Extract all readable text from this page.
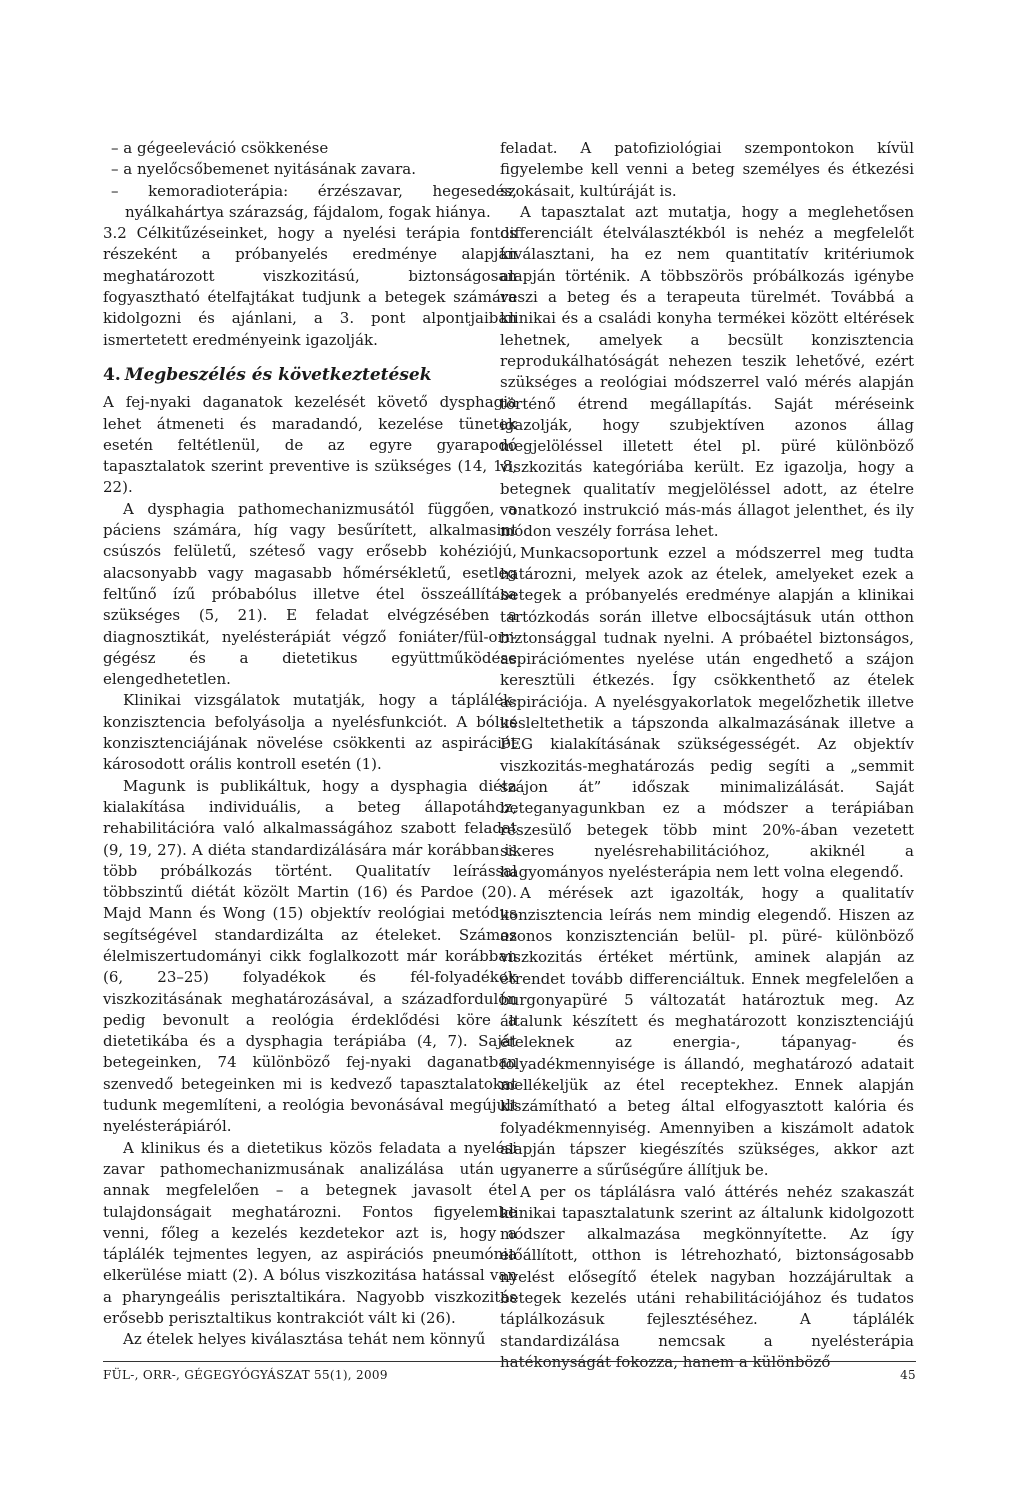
– a gégeeleváció csökkenése
– a nyelőcsőbemenet nyitásának zavara.
– kemoradioterápia: érzészavar, hegesedés, nyálkahártya szárazság, fájdalom, fogak hiánya.

3.2 Célkitűzéseinket, hogy a nyelési terápia fontos részeként a próbanyelés eredménye alapján meghatározott viszkozitású, biztonságosan fogyasztható ételfajtákat tudjunk a betegek számára kidolgozni és ajánlani, a 3. pont alpontjaiban ismertetett eredményeink igazolják.

4. Megbeszélés és következtetések

A fej-nyaki daganatok kezelését követő dysphagia lehet átmeneti és maradandó, kezelése tünetek esetén feltétlenül, de az egyre gyarapodó tapasztalatok szerint preventive is szükséges (14, 18, 22).

A dysphagia pathomechanizmusától függően, a páciens számára, híg vagy besűrített, alkalmasint csúszós felületű, széteső vagy erősebb kohéziójú, alacsonyabb vagy magasabb hőmérsékletű, esetleg feltűnő ízű próbabólus illetve étel összeállítása szükséges (5, 21). E feladat elvégzésében a diagnosztikát, nyelésterápiát végző foniáter/fül-orr-gégész és a dietetikus együttműködése elengedhetetlen.

Klinikai vizsgálatok mutatják, hogy a táplálék- konzisztencia befolyásolja a nyelésfunkciót. A bólus konzisztenciájának növelése csökkenti az aspirációt károsodott orális kontroll esetén (1).

Magunk is publikáltuk, hogy a dysphagia diéta kialakítása individuális, a beteg állapotához, rehabilitációra való alkalmasságához szabott feladat (9, 19, 27). A diéta standardizálására már korábban is több próbálkozás történt. Qualitatív leírással többszintű diétát közölt Martin (16) és Pardoe (20). Majd Mann és Wong (15) objektív reológiai metódus segítségével standardizálta az ételeket. Számos élelmiszertudományi cikk foglalkozott már korábban (6, 23–25) folyadékok és fél-folyadékok viszkozitásának meghatározásával, a századfordulón pedig bevonult a reológia érdeklődési köre a dietetikába és a dysphagia terápiába (4, 7). Saját betegeinken, 74 különböző fej-nyaki daganatban szenvedő betegeinken mi is kedvező tapasztalatokat tudunk megemlíteni, a reológia bevonásával megújult nyelésterápiáról.

A klinikus és a dietetikus közös feladata a nyelési zavar pathomechanizmusának analizálása után – annak megfelelően – a betegnek javasolt étel tulajdonságait meghatározni. Fontos figyelembe venni, főleg a kezelés kezdetekor azt is, hogy a táplálék tejmentes legyen, az aspirációs pneumónia elkerülése miatt (2). A bólus viszkozitása hatással van a pharyngeális perisztaltikára. Nagyobb viszkozitás erősebb perisztaltikus kontrakciót vált ki (26).

Az ételek helyes kiválasztása tehát nem könnyű

feladat. A patofiziológiai szempontokon kívül figyelembe kell venni a beteg személyes és étkezési szokásait, kultúráját is.

A tapasztalat azt mutatja, hogy a meglehetősen differenciált ételválasztékból is nehéz a megfelelőt kiválasztani, ha ez nem quantitatív kritériumok alapján történik. A többszörös próbálkozás igénybe veszi a beteg és a terapeuta türelmét. Továbbá a klinikai és a családi konyha termékei között eltérések lehetnek, amelyek a becsült konzisztencia reprodukálhatóságát nehezen teszik lehetővé, ezért szükséges a reológiai módszerrel való mérés alapján történő étrend megállapítás. Saját méréseink igazolják, hogy szubjektíven azonos állag megjelöléssel illetett étel pl. püré különböző viszkozitás kategóriába került. Ez igazolja, hogy a betegnek qualitatív megjelöléssel adott, az ételre vonatkozó instrukció más-más állagot jelenthet, és ily módon veszély forrása lehet.

Munkacsoportunk ezzel a módszerrel meg tudta határozni, melyek azok az ételek, amelyeket ezek a betegek a próbanyelés eredménye alapján a klinikai tartózkodás során illetve elbocsájtásuk után otthon biztonsággal tudnak nyelni. A próbaétel biztonságos, aspirációmentes nyelése után engedhető a szájon keresztüli étkezés. Így csökkenthető az ételek aspirációja. A nyelésgyakorlatok megelőzhetik illetve késleltethetik a tápszonda alkalmazásának illetve a PEG kialakításának szükségességét. Az objektív viszkozitás-meghatározás pedig segíti a „semmit szájon át” időszak minimalizálását. Saját beteganyagunkban ez a módszer a terápiában részesülő betegek több mint 20%-ában vezetett sikeres nyelésrehabilitációhoz, akiknél a hagyományos nyelésterápia nem lett volna elegendő.

A mérések azt igazolták, hogy a qualitatív konzisztencia leírás nem mindig elegendő. Hiszen az azonos konzisztencián belül- pl. püré- különböző viszkozitás értéket mértünk, aminek alapján az étrendet tovább differenciáltuk. Ennek megfelelően a burgonyapüré 5 változatát határoztuk meg. Az általunk készített és meghatározott konzisztenciájú ételeknek az energia-, tápanyag- és folyadékmennyisége is állandó, meghatározó adatait mellékeljük az étel receptekhez. Ennek alapján kiszámítható a beteg által elfogyasztott kalória és folyadékmennyiség. Amennyiben a kiszámolt adatok alapján tápszer kiegészítés szükséges, akkor azt ugyanerre a sűrűségűre állítjuk be.

A per os táplálásra való áttérés nehéz szakaszát klinikai tapasztalatunk szerint az általunk kidolgozott módszer alkalmazása megkönnyítette. Az így előállított, otthon is létrehozható, biztonságosabb nyelést elősegítő ételek nagyban hozzájárultak a betegek kezelés utáni rehabilitációjához és tudatos táplálkozásuk fejlesztéséhez. A táplálék standardizálása nemcsak a nyelésterápia hatékonyságát fokozza, hanem a különböző

FÜL-, ORR-, GÉGEGYÓGYÁSZAT 55(1), 2009	45
